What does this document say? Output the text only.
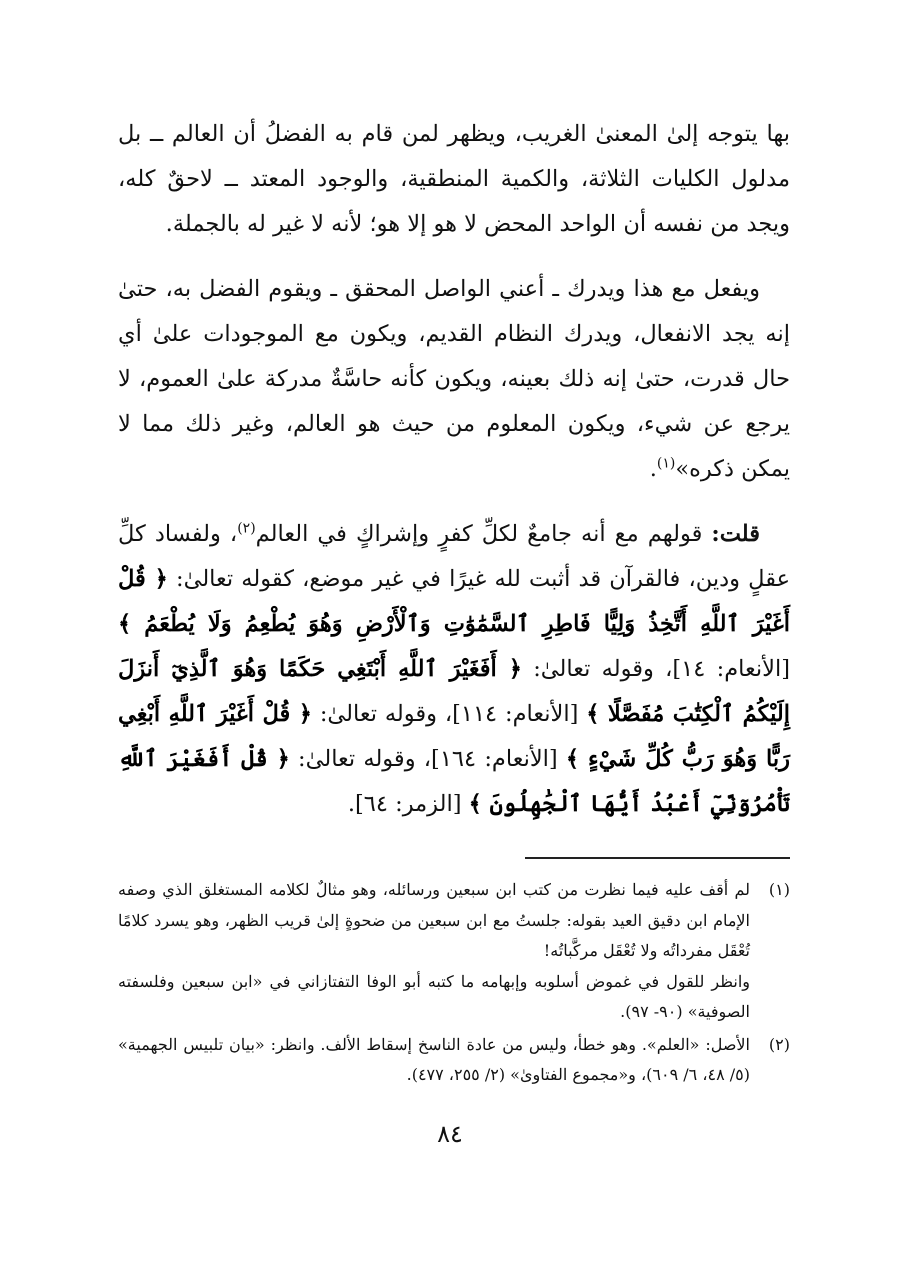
بها يتوجه إلىٰ المعنىٰ الغريب، ويظهر لمن قام به الفضلُ أن العالم ــ بل مدلول الكليات الثلاثة، والكمية المنطقية، والوجود المعتد ــ لاحقٌ كله، ويجد من نفسه أن الواحد المحض لا هو إلا هو؛ لأنه لا غير له بالجملة.

ويفعل مع هذا ويدرك ـ أعني الواصل المحقق ـ ويقوم الفضل به، حتىٰ إنه يجد الانفعال، ويدرك النظام القديم، ويكون مع الموجودات علىٰ أي حال قدرت، حتىٰ إنه ذلك بعينه، ويكون كأنه حاسَّةٌ مدركة علىٰ العموم، لا يرجع عن شيء، ويكون المعلوم من حيث هو العالم، وغير ذلك مما لا يمكن ذكره»$^{(١)}$.

قلت: قولهم مع أنه جامعٌ لكلِّ كفرٍ وإشراكٍ في العالم$^{(٢)}$، ولفساد كلِّ عقلٍ ودين، فالقرآن قد أثبت لله غيرًا في غير موضع، كقوله تعالىٰ: ﴿ قُلْ أَغَيْرَ ٱللَّهِ أَتَّخِذُ وَلِيًّا فَاطِرِ ٱلسَّمَٰوَٰتِ وَٱلْأَرْضِ وَهُوَ يُطْعِمُ وَلَا يُطْعَمُ ﴾ [الأنعام: ١٤]، وقوله تعالىٰ: ﴿ أَفَغَيْرَ ٱللَّهِ أَبْتَغِي حَكَمًا وَهُوَ ٱلَّذِيٓ أَنزَلَ إِلَيْكُمُ ٱلْكِتَٰبَ مُفَصَّلًا ﴾ [الأنعام: ١١٤]، وقوله تعالىٰ: ﴿ قُلْ أَغَيْرَ ٱللَّهِ أَبْغِي رَبًّا وَهُوَ رَبُّ كُلِّ شَيْءٍ ﴾ [الأنعام: ١٦٤]، وقوله تعالىٰ: ﴿ قُلْ أَفَغَيْرَ ٱللَّهِ تَأْمُرُوٓنِّيٓ أَعْبُدُ أَيُّهَا ٱلْجَٰهِلُونَ ﴾ [الزمر: ٦٤].

(١)

لم أقف عليه فيما نظرت من كتب ابن سبعين ورسائله، وهو مثالٌ لكلامه المستغلق الذي وصفه الإمام ابن دقيق العيد بقوله: جلستُ مع ابن سبعين من ضحوةٍ إلىٰ قريب الظهر، وهو يسرد كلامًا تُعْقَل مفرداتُه ولا تُعْقَل مركَّباتُه!

وانظر للقول في غموض أسلوبه وإبهامه ما كتبه أبو الوفا التفتازاني في «ابن سبعين وفلسفته الصوفية» (٩٠- ٩٧).

(٢)

الأصل: «العلم». وهو خطأ، وليس من عادة الناسخ إسقاط الألف. وانظر: «بيان تلبيس الجهمية» (٥/ ٤٨، ٦/ ٦٠٩)، و«مجموع الفتاوىٰ» (٢/ ٢٥٥، ٤٧٧).

٨٤
